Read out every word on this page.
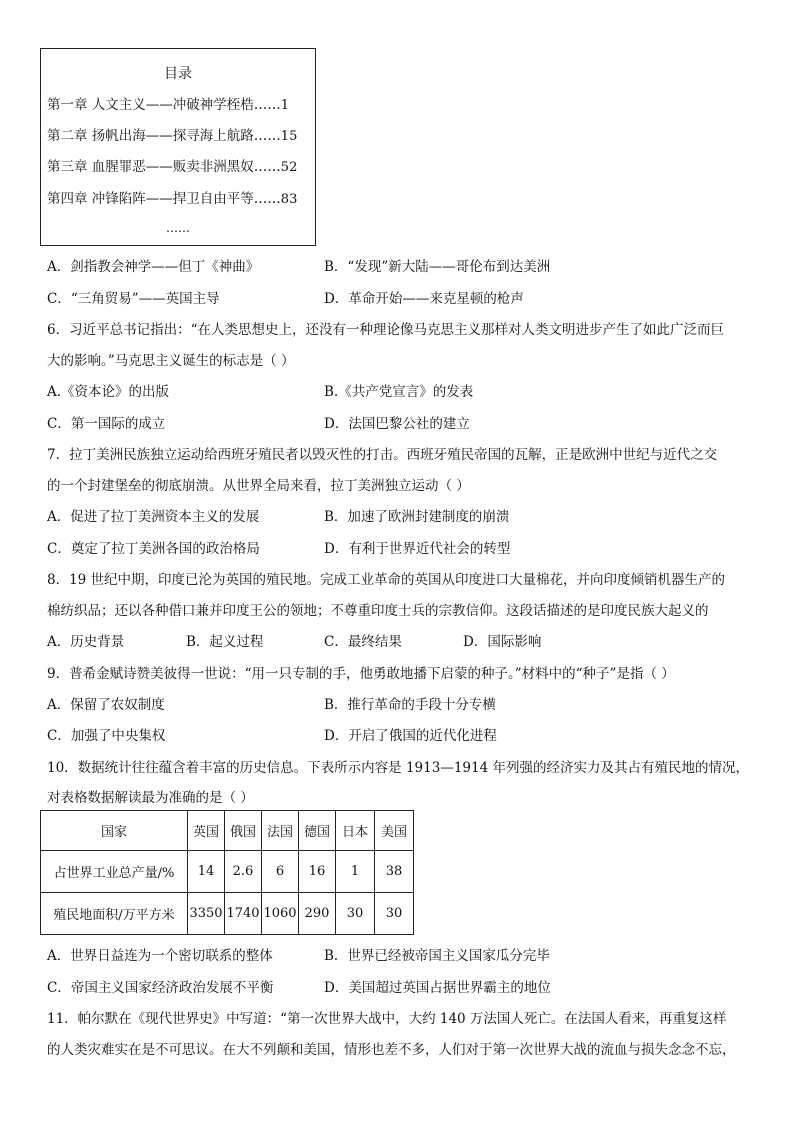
目录
第一章 人文主义——冲破神学桎梏……1
第二章 扬帆出海——探寻海上航路……15
第三章 血腥罪恶——贩卖非洲黑奴……52
第四章 冲锋陷阵——捍卫自由平等……83
……
A．剑指教会神学——但丁《神曲》	B．“发现”新大陆——哥伦布到达美洲
C．“三角贸易”——英国主导	D．革命开始——来克星顿的枪声
6．习近平总书记指出：“在人类思想史上，还没有一种理论像马克思主义那样对人类文明进步产生了如此广泛而巨
大的影响。”马克思主义诞生的标志是（ ）
A.《资本论》的出版	B.《共产党宣言》的发表
C．第一国际的成立	D．法国巴黎公社的建立
7．拉丁美洲民族独立运动给西班牙殖民者以毁灭性的打击。西班牙殖民帝国的瓦解，正是欧洲中世纪与近代之交
的一个封建堡垒的彻底崩溃。从世界全局来看，拉丁美洲独立运动（ ）
A．促进了拉丁美洲资本主义的发展	B．加速了欧洲封建制度的崩溃
C．奠定了拉丁美洲各国的政治格局	D．有利于世界近代社会的转型
8．19 世纪中期，印度已沦为英国的殖民地。完成工业革命的英国从印度进口大量棉花，并向印度倾销机器生产的
棉纺织品；还以各种借口兼并印度王公的领地；不尊重印度士兵的宗教信仰。这段话描述的是印度民族大起义的
A．历史背景	B．起义过程	C．最终结果	D．国际影响
9．普希金赋诗赞美彼得一世说：“用一只专制的手，他勇敢地播下启蒙的种子。”材料中的“种子”是指（ ）
A．保留了农奴制度	B．推行革命的手段十分专横
C．加强了中央集权	D．开启了俄国的近代化进程
10．数据统计往往蕴含着丰富的历史信息。下表所示内容是 1913—1914 年列强的经济实力及其占有殖民地的情况，
对表格数据解读最为准确的是（ ）
国家	英国	俄国	法国	德国	日本	美国
占世界工业总产量/%	14	2.6	6	16	1	38
殖民地面积/万平方米	3350	1740	1060	290	30	30
A．世界日益连为一个密切联系的整体	B．世界已经被帝国主义国家瓜分完毕
C．帝国主义国家经济政治发展不平衡	D．美国超过英国占据世界霸主的地位
11．帕尔默在《现代世界史》中写道：“第一次世界大战中，大约 140 万法国人死亡。在法国人看来，再重复这样
的人类灾难实在是不可思议。在大不列颠和美国，情形也差不多，人们对于第一次世界大战的流血与损失念念不忘，
